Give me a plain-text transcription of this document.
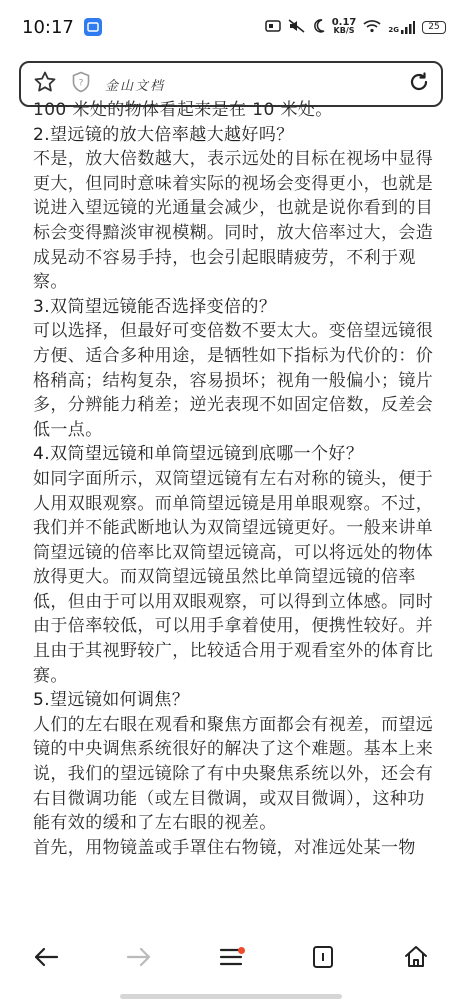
10:17	0.17
KB/S	2G	25
? 金山文档

100 米处的物体看起来是在 10 米处。

2.望远镜的放大倍率越大越好吗？

不是，放大倍数越大，表示远处的目标在视场中显得更大，但同时意味着实际的视场会变得更小，也就是说进入望远镜的光通量会减少，也就是说你看到的目标会变得黯淡审视模糊。同时，放大倍率过大，会造成晃动不容易手持，也会引起眼睛疲劳，不利于观察。

3.双筒望远镜能否选择变倍的？

可以选择，但最好可变倍数不要太大。变倍望远镜很方便、适合多种用途，是牺牲如下指标为代价的：价格稍高；结构复杂，容易损坏；视角一般偏小；镜片多，分辨能力稍差；逆光表现不如固定倍数，反差会低一点。

4.双筒望远镜和单筒望远镜到底哪一个好？

如同字面所示，双筒望远镜有左右对称的镜头，便于人用双眼观察。而单筒望远镜是用单眼观察。不过，我们并不能武断地认为双筒望远镜更好。一般来讲单筒望远镜的倍率比双筒望远镜高，可以将远处的物体放得更大。而双筒望远镜虽然比单筒望远镜的倍率低，但由于可以用双眼观察，可以得到立体感。同时由于倍率较低，可以用手拿着使用，便携性较好。并且由于其视野较广，比较适合用于观看室外的体育比赛。

5.望远镜如何调焦？

人们的左右眼在观看和聚焦方面都会有视差，而望远镜的中央调焦系统很好的解决了这个难题。基本上来说，我们的望远镜除了有中央聚焦系统以外，还会有右目微调功能（或左目微调，或双目微调），这种功能有效的缓和了左右眼的视差。

首先，用物镜盖或手罩住右物镜，对准远处某一物
